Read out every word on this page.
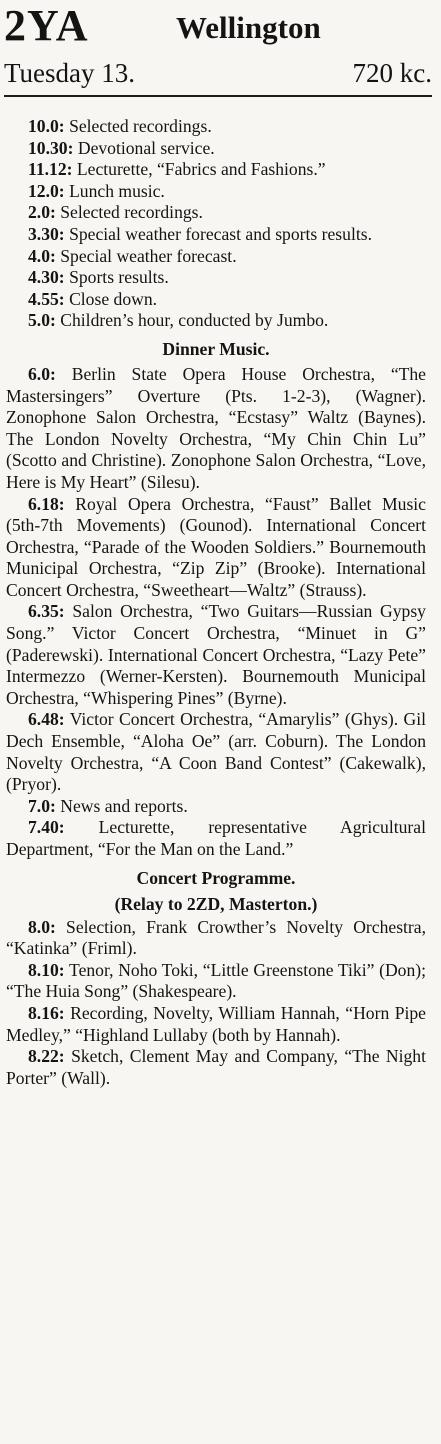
2YA	Wellington
Tuesday 13.	720 kc.

10.0: Selected recordings.

10.30: Devotional service.

11.12: Lecturette, “Fabrics and Fashions.”

12.0: Lunch music.

2.0: Selected recordings.

3.30: Special weather forecast and sports results.

4.0: Special weather forecast.

4.30: Sports results.

4.55: Close down.

5.0: Children’s hour, conducted by Jumbo.

Dinner Music.

6.0: Berlin State Opera House Orchestra, “The Mastersingers” Overture (Pts. 1-2-3), (Wagner). Zonophone Salon Orchestra, “Ecstasy” Waltz (Baynes). The London Novelty Orchestra, “My Chin Chin Lu” (Scotto and Christine). Zonophone Salon Orchestra, “Love, Here is My Heart” (Silesu).

6.18: Royal Opera Orchestra, “Faust” Ballet Music (5th-7th Movements) (Gounod). International Concert Orchestra, “Parade of the Wooden Soldiers.” Bournemouth Municipal Orchestra, “Zip Zip” (Brooke). International Concert Orchestra, “Sweetheart—Waltz” (Strauss).

6.35: Salon Orchestra, “Two Guitars—Russian Gypsy Song.” Victor Concert Orchestra, “Minuet in G” (Paderewski). International Concert Orchestra, “Lazy Pete” Intermezzo (Werner-Kersten). Bournemouth Municipal Orchestra, “Whispering Pines” (Byrne).

6.48: Victor Concert Orchestra, “Amarylis” (Ghys). Gil Dech Ensemble, “Aloha Oe” (arr. Coburn). The London Novelty Orchestra, “A Coon Band Contest” (Cakewalk), (Pryor).

7.0: News and reports.

7.40: Lecturette, representative Agricultural Department, “For the Man on the Land.”

Concert Programme.
(Relay to 2ZD, Masterton.)

8.0: Selection, Frank Crowther’s Novelty Orchestra, “Katinka” (Friml).

8.10: Tenor, Noho Toki, “Little Greenstone Tiki” (Don); “The Huia Song” (Shakespeare).

8.16: Recording, Novelty, William Hannah, “Horn Pipe Medley,” “Highland Lullaby (both by Hannah).

8.22: Sketch, Clement May and Company, “The Night Porter” (Wall).
